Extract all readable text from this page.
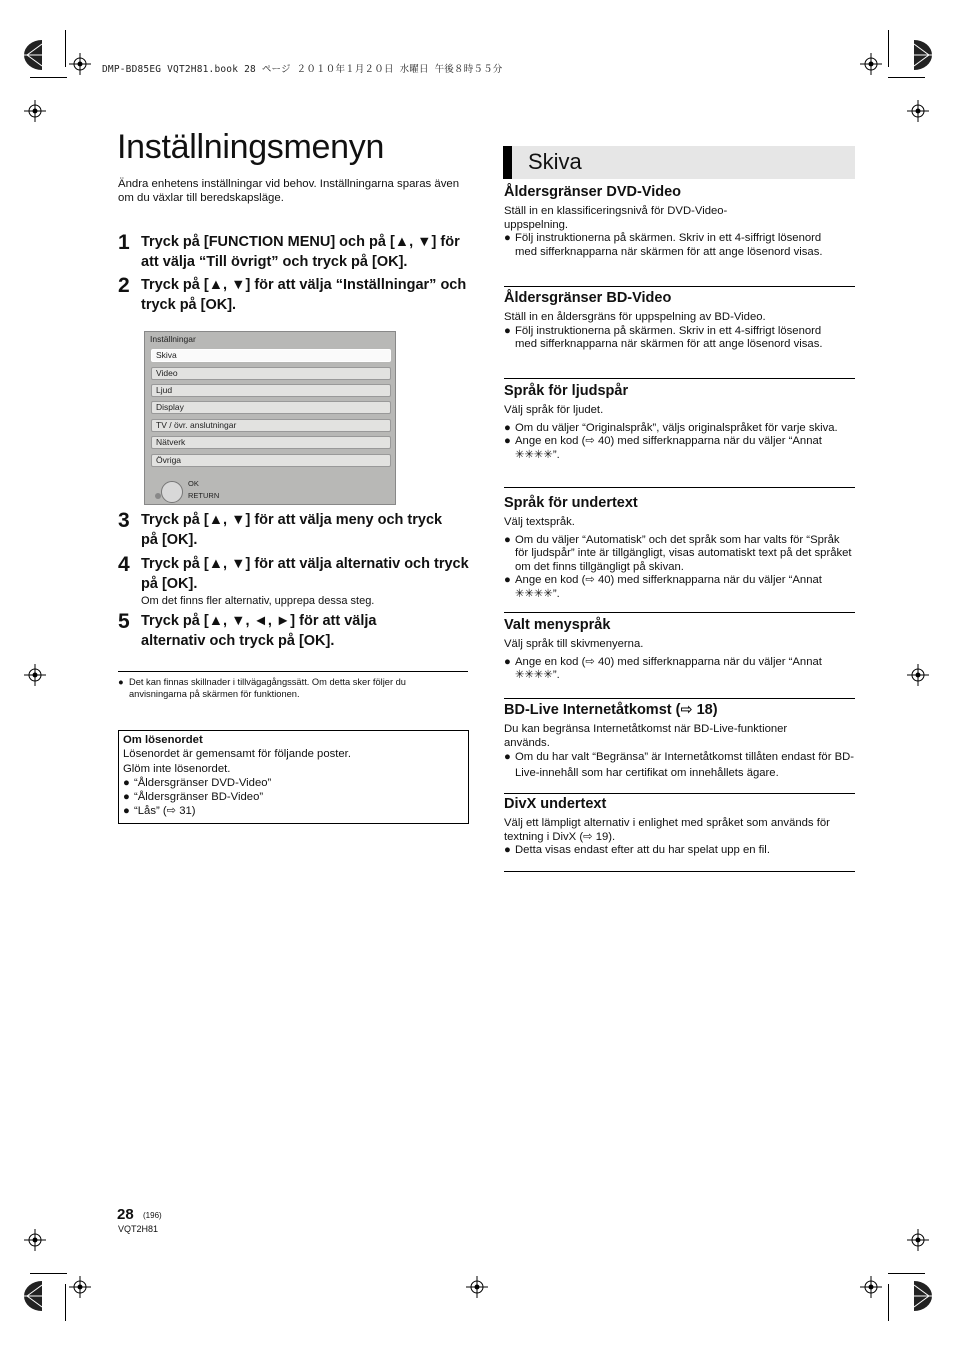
DMP-BD85EG VQT2H81.book 28 ページ ２０１０年１月２０日 水曜日 午後８時５５分
Inställningsmenyn
Ändra enhetens inställningar vid behov. Inställningarna sparas även om du växlar till beredskapsläge.
1 Tryck på [FUNCTION MENU] och på [▲, ▼] för att välja “Till övrigt” och tryck på [OK].
2 Tryck på [▲, ▼] för att välja “Inställningar” och tryck på [OK].
Inställningar
Skiva
Video
Ljud
Display
TV / övr. anslutningar
Nätverk
Övriga
OK
RETURN
3 Tryck på [▲, ▼] för att välja meny och tryck på [OK].
4 Tryck på [▲, ▼] för att välja alternativ och tryck på [OK].
Om det finns fler alternativ, upprepa dessa steg.
5 Tryck på [▲, ▼, ◄, ►] för att välja alternativ och tryck på [OK].
● Det kan finnas skillnader i tillvägagångssätt. Om detta sker följer du anvisningarna på skärmen för funktionen.
Om lösenordet
Lösenordet är gemensamt för följande poster.
Glöm inte lösenordet.
● “Åldersgränser DVD-Video”
● “Åldersgränser BD-Video”
● “Lås” (⇨ 31)
28 (196)
VQT2H81
Skiva
Åldersgränser DVD-Video

Ställ in en klassificeringsnivå för DVD-Video-uppspelning.

● Följ instruktionerna på skärmen. Skriv in ett 4-siffrigt lösenord med sifferknapparna när skärmen för att ange lösenord visas.
Åldersgränser BD-Video

Ställ in en åldersgräns för uppspelning av BD-Video.

● Följ instruktionerna på skärmen. Skriv in ett 4-siffrigt lösenord med sifferknapparna när skärmen för att ange lösenord visas.
Språk för ljudspår

Välj språk för ljudet.

● Om du väljer “Originalspråk”, väljs originalspråket för varje skiva.
● Ange en kod (⇨ 40) med sifferknapparna när du väljer “Annat ✳✳✳✳”.
Språk för undertext

Välj textspråk.

● Om du väljer “Automatisk” och det språk som har valts för “Språk för ljudspår” inte är tillgängligt, visas automatiskt text på det språket om det finns tillgängligt på skivan.
● Ange en kod (⇨ 40) med sifferknapparna när du väljer “Annat ✳✳✳✳”.
Valt menyspråk

Välj språk till skivmenyerna.

● Ange en kod (⇨ 40) med sifferknapparna när du väljer “Annat ✳✳✳✳”.
BD-Live Internetåtkomst (⇨ 18)

Du kan begränsa Internetåtkomst när BD-Live-funktioner används.

● Om du har valt “Begränsa” är Internetåtkomst tillåten endast för BD-Live-innehåll som har certifikat om innehållets ägare.
DivX undertext

Välj ett lämpligt alternativ i enlighet med språket som används för textning i DivX (⇨ 19).

● Detta visas endast efter att du har spelat upp en fil.
